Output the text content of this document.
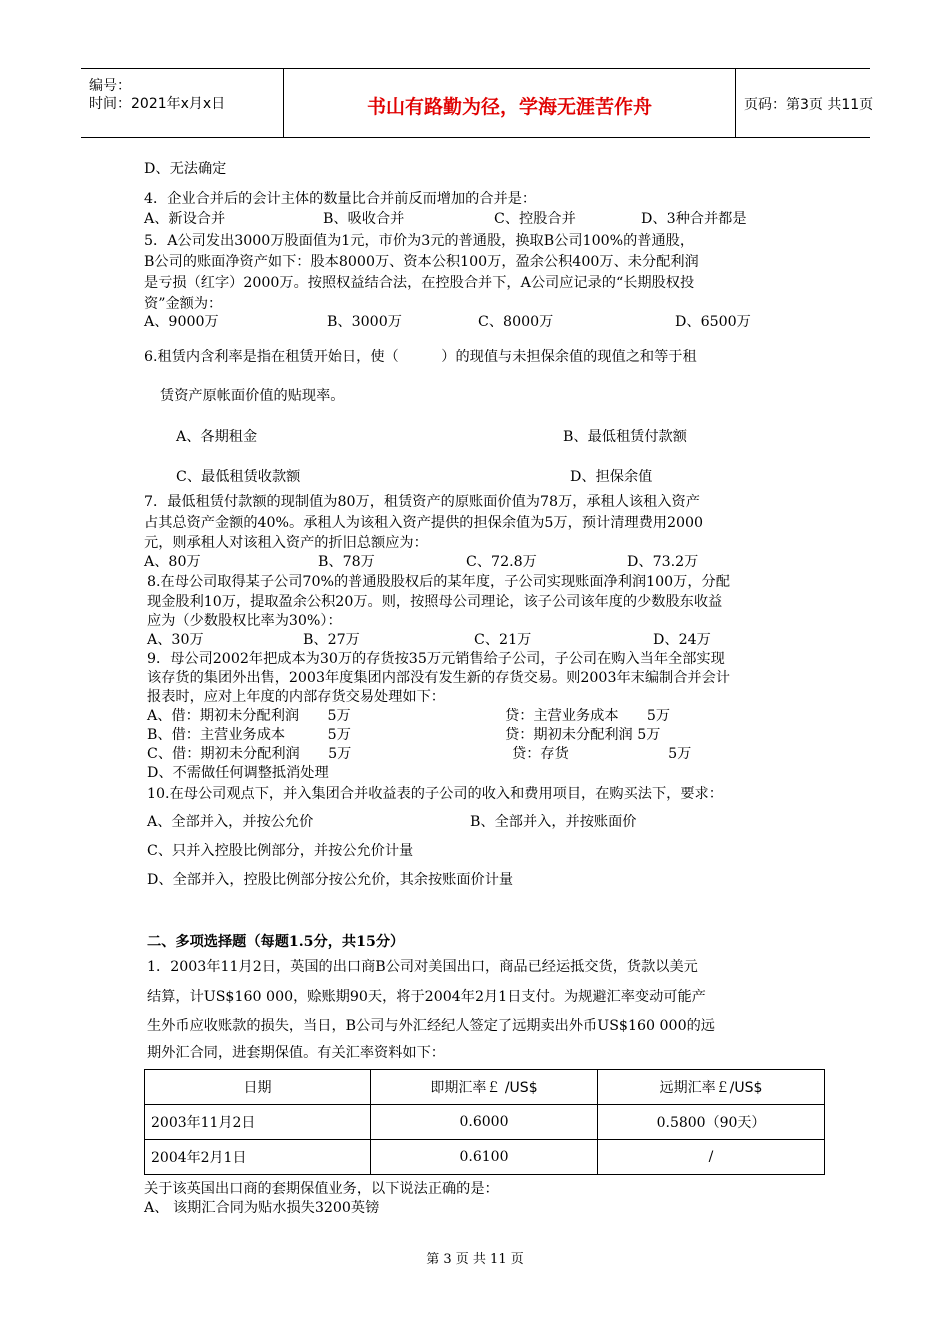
编号：
时间：2021年x月x日	书山有路勤为径，学海无涯苦作舟	页码：第3页 共11页
D、无法确定
4．企业合并后的会计主体的数量比合并前反而增加的合并是：
A、新设合并	B、吸收合并	C、控股合并	D、3种合并都是
5．A公司发出3000万股面值为1元，市价为3元的普通股，换取B公司100%的普通股，
B公司的账面净资产如下：股本8000万、资本公积100万，盈余公积400万、未分配利润
是亏损（红字）2000万。按照权益结合法，在控股合并下，A公司应记录的“长期股权投
资”金额为：
A、9000万	B、3000万	C、8000万	D、6500万
6.租赁内含利率是指在租赁开始日，使（　　　）的现值与未担保余值的现值之和等于租
赁资产原帐面价值的贴现率。
A、各期租金	B、最低租赁付款额
C、最低租赁收款额	D、担保余值
7．最低租赁付款额的现制值为80万，租赁资产的原账面价值为78万，承租人该租入资产
占其总资产金额的40%。承租人为该租入资产提供的担保余值为5万，预计清理费用2000
元，则承租人对该租入资产的折旧总额应为：
A、80万	B、78万	C、72.8万	D、73.2万
8.在母公司取得某子公司70%的普通股股权后的某年度，子公司实现账面净利润100万，分配
现金股利10万，提取盈余公积20万。则，按照母公司理论，该子公司该年度的少数股东收益
应为（少数股权比率为30%）：
A、30万	B、27万	C、21万	D、24万
9．母公司2002年把成本为30万的存货按35万元销售给子公司，子公司在购入当年全部实现
该存货的集团外出售，2003年度集团内部没有发生新的存货交易。则2003年末编制合并会计
报表时，应对上年度的内部存货交易处理如下：
A、借：期初未分配利润　　5万	贷：主营业务成本　　5万
B、借：主营业务成本　　　5万	贷：期初未分配利润 5万
C、借：期初未分配利润　　5万	贷：存货　　　　　　　5万
D、不需做任何调整抵消处理
10.在母公司观点下，并入集团合并收益表的子公司的收入和费用项目，在购买法下，要求：
A、全部并入，并按公允价	B、全部并入，并按账面价
C、只并入控股比例部分，并按公允价计量
D、全部并入，控股比例部分按公允价，其余按账面价计量
二、多项选择题（每题1.5分，共15分）
1．2003年11月2日，英国的出口商B公司对美国出口，商品已经运抵交货，货款以美元
结算，计US$160 000，赊账期90天，将于2004年2月1日支付。为规避汇率变动可能产
生外币应收账款的损失，当日，B公司与外汇经纪人签定了远期卖出外币US$160 000的远
期外汇合同，进套期保值。有关汇率资料如下：
日期	即期汇率￡ /US$	远期汇率￡/US$
2003年11月2日	0.6000	0.5800（90天）
2004年2月1日	0.6100	/
关于该英国出口商的套期保值业务，以下说法正确的是：
A、 该期汇合同为贴水损失3200英镑
第 3 页 共 11 页
